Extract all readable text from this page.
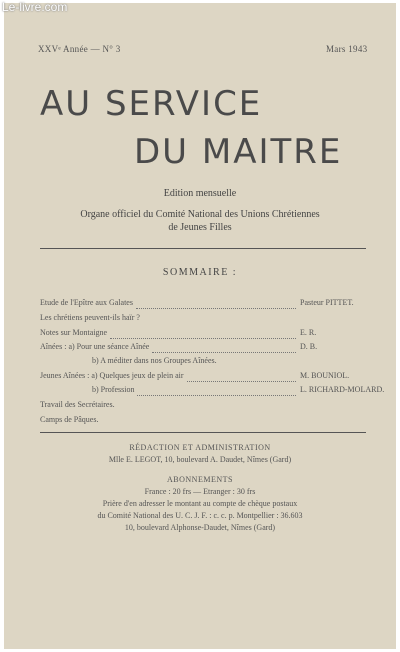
Le-livre.com
XXVᵉ Année — N° 3	Mars 1943
AU SERVICE
DU MAITRE
Edition mensuelle
Organe officiel du Comité National des Unions Chrétiennes
de Jeunes Filles
SOMMAIRE :
Etude de l'Epître aux Galates	Pasteur PITTET.
Les chrétiens peuvent-ils haïr ?
Notes sur Montaigne	E. R.
Aînées : a) Pour une séance Aînée	D. B.
b) A méditer dans nos Groupes Aînées.
Jeunes Aînées : a) Quelques jeux de plein air	M. BOUNIOL.
b) Profession	L. RICHARD-MOLARD.
Travail des Secrétaires.
Camps de Pâques.
RÉDACTION ET ADMINISTRATION
Mlle E. LEGOT, 10, boulevard A. Daudet, Nîmes (Gard)
ABONNEMENTS
France : 20 frs — Etranger : 30 frs
Prière d'en adresser le montant au compte de chèque postaux
du Comité National des U. C. J. F. : c. c. p. Montpellier : 36.603
10, boulevard Alphonse-Daudet, Nîmes (Gard)
